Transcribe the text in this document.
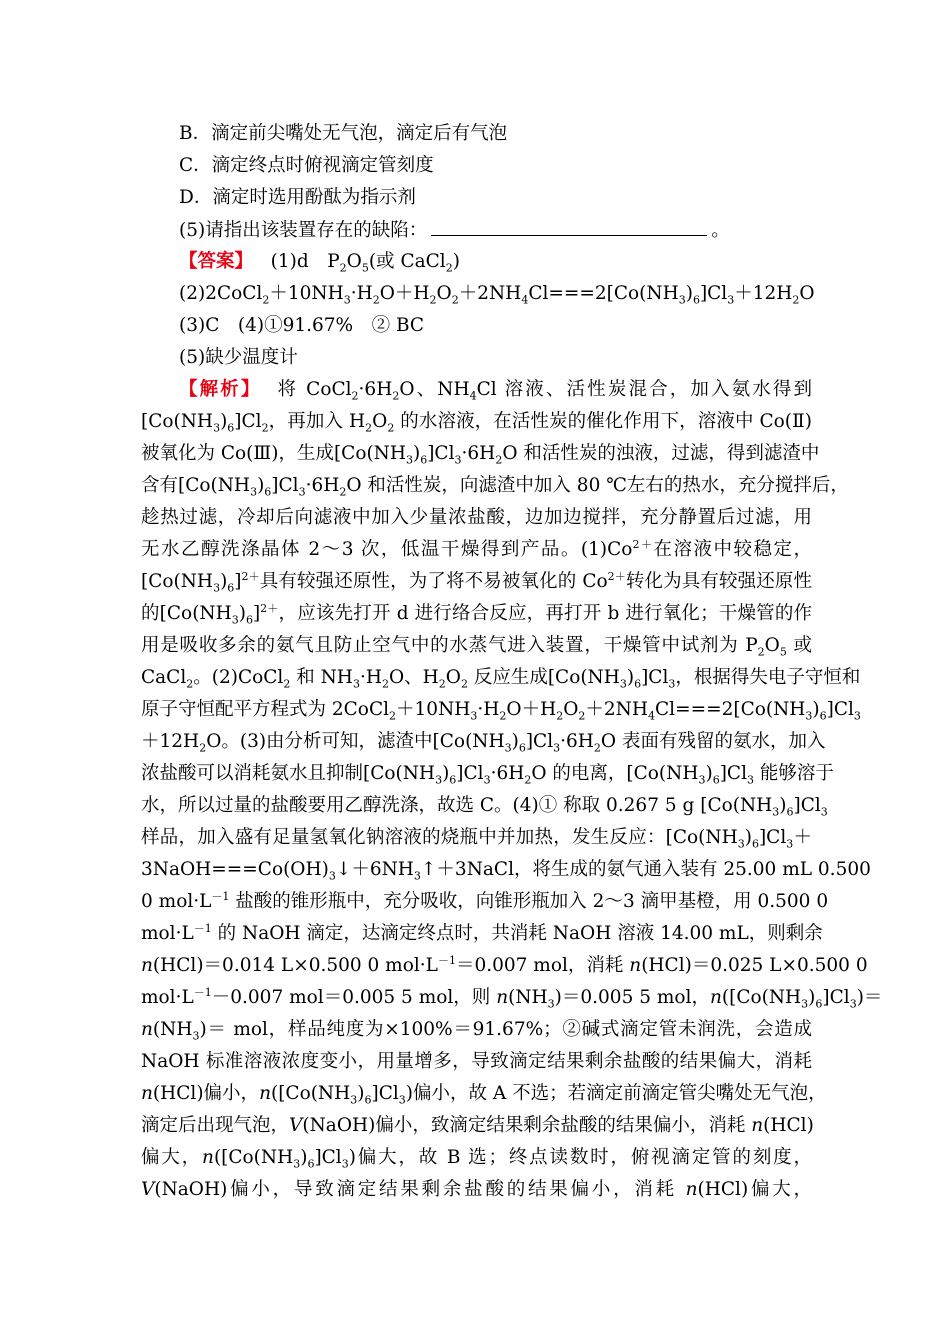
B．滴定前尖嘴处无气泡，滴定后有气泡
C．滴定终点时俯视滴定管刻度
D．滴定时选用酚酞为指示剂
(5)请指出该装置存在的缺陷：	。
【答案】 (1)d　$P_2O_5$(或 CaCl$_2$)
$(2)2CoCl_2+10NH_3\cdot H_2O+H_2O_2+2NH_4Cl===2[Co(NH_3)_6]Cl_3+12H_2O$
(3)C　(4)①91.67%　② BC
(5)缺少温度计
【解析】  将 $CoCl_2\cdot 6H_2O$、$NH_4Cl$ 溶液、活性炭混合，加入氨水得到
$[Co(NH_3)_6]Cl_2$，再加入 $H_2O_2$ 的水溶液，在活性炭的催化作用下，溶液中 Co(Ⅱ)
被氧化为 Co(Ⅲ)，生成$[Co(NH_3)_6]Cl_3\cdot 6H_2O$ 和活性炭的浊液，过滤，得到滤渣中
含有$[Co(NH_3)_6]Cl_3\cdot 6H_2O$ 和活性炭，向滤渣中加入 80 ℃左右的热水，充分搅拌后，
趁热过滤，冷却后向滤液中加入少量浓盐酸，边加边搅拌，充分静置后过滤，用
无水乙醇洗涤晶体 2～3 次，低温干燥得到产品。$(1)Co^{2+}$在溶液中较稳定，
$[Co(NH_3)_6]^{2+}$具有较强还原性，为了将不易被氧化的 $Co^{2+}$转化为具有较强还原性
的$[Co(NH_3)_6]^{2+}$，应该先打开 d 进行络合反应，再打开 b 进行氧化；干燥管的作
用是吸收多余的氨气且防止空气中的水蒸气进入装置，干燥管中试剂为 $P_2O_5$ 或
CaCl$_2$。(2)CoCl$_2$ 和 $NH_3\cdot H_2O$、$H_2O_2$ 反应生成$[Co(NH_3)_6]Cl_3$，根据得失电子守恒和
原子守恒配平方程式为 $2CoCl_2+10NH_3\cdot H_2O+H_2O_2+2NH_4Cl===2[Co(NH_3)_6]Cl_3$
$+12H_2O$。(3)由分析可知，滤渣中$[Co(NH_3)_6]Cl_3\cdot 6H_2O$ 表面有残留的氨水，加入
浓盐酸可以消耗氨水且抑制$[Co(NH_3)_6]Cl_3\cdot 6H_2O$ 的电离，$[Co(NH_3)_6]Cl_3$ 能够溶于
水，所以过量的盐酸要用乙醇洗涤，故选 C。(4)① 称取 0.267 5 g $[Co(NH_3)_6]Cl_3$
样品，加入盛有足量氢氧化钠溶液的烧瓶中并加热，发生反应：$[Co(NH_3)_6]Cl_3+$
$3NaOH===Co(OH)_3↓+6NH_3↑+3NaCl$，将生成的氨气通入装有 25.00 mL 0.500
0 $mol\cdot L^{-1}$ 盐酸的锥形瓶中，充分吸收，向锥形瓶加入 2～3 滴甲基橙，用 0.500 0
$mol\cdot L^{-1}$ 的 NaOH 滴定，达滴定终点时，共消耗 NaOH 溶液 14.00 mL，则剩余
n(HCl)＝0.014 L×0.500 0 $mol\cdot L^{-1}=0.007$ mol，消耗 n(HCl)＝0.025 L×0.500 0
$mol\cdot L^{-1}-0.007$ mol＝0.005 5 mol，则 $n(NH_3)=0.005$ 5 mol，$n([Co(NH_3)_6]Cl_3)=$
$n(NH_3)=$ mol，样品纯度为×100%＝91.67%；②碱式滴定管未润洗，会造成
NaOH 标准溶液浓度变小，用量增多，导致滴定结果剩余盐酸的结果偏大，消耗
n(HCl)偏小，$n([Co(NH_3)_6]Cl_3)$偏小，故 A 不选；若滴定前滴定管尖嘴处无气泡，
滴定后出现气泡，V(NaOH)偏小，致滴定结果剩余盐酸的结果偏小，消耗 n(HCl)
偏大，$n([Co(NH_3)_6]Cl_3)$偏大，故 B 选；终点读数时，俯视滴定管的刻度，
V(NaOH)偏小，导致滴定结果剩余盐酸的结果偏小，消耗 n(HCl)偏大，
